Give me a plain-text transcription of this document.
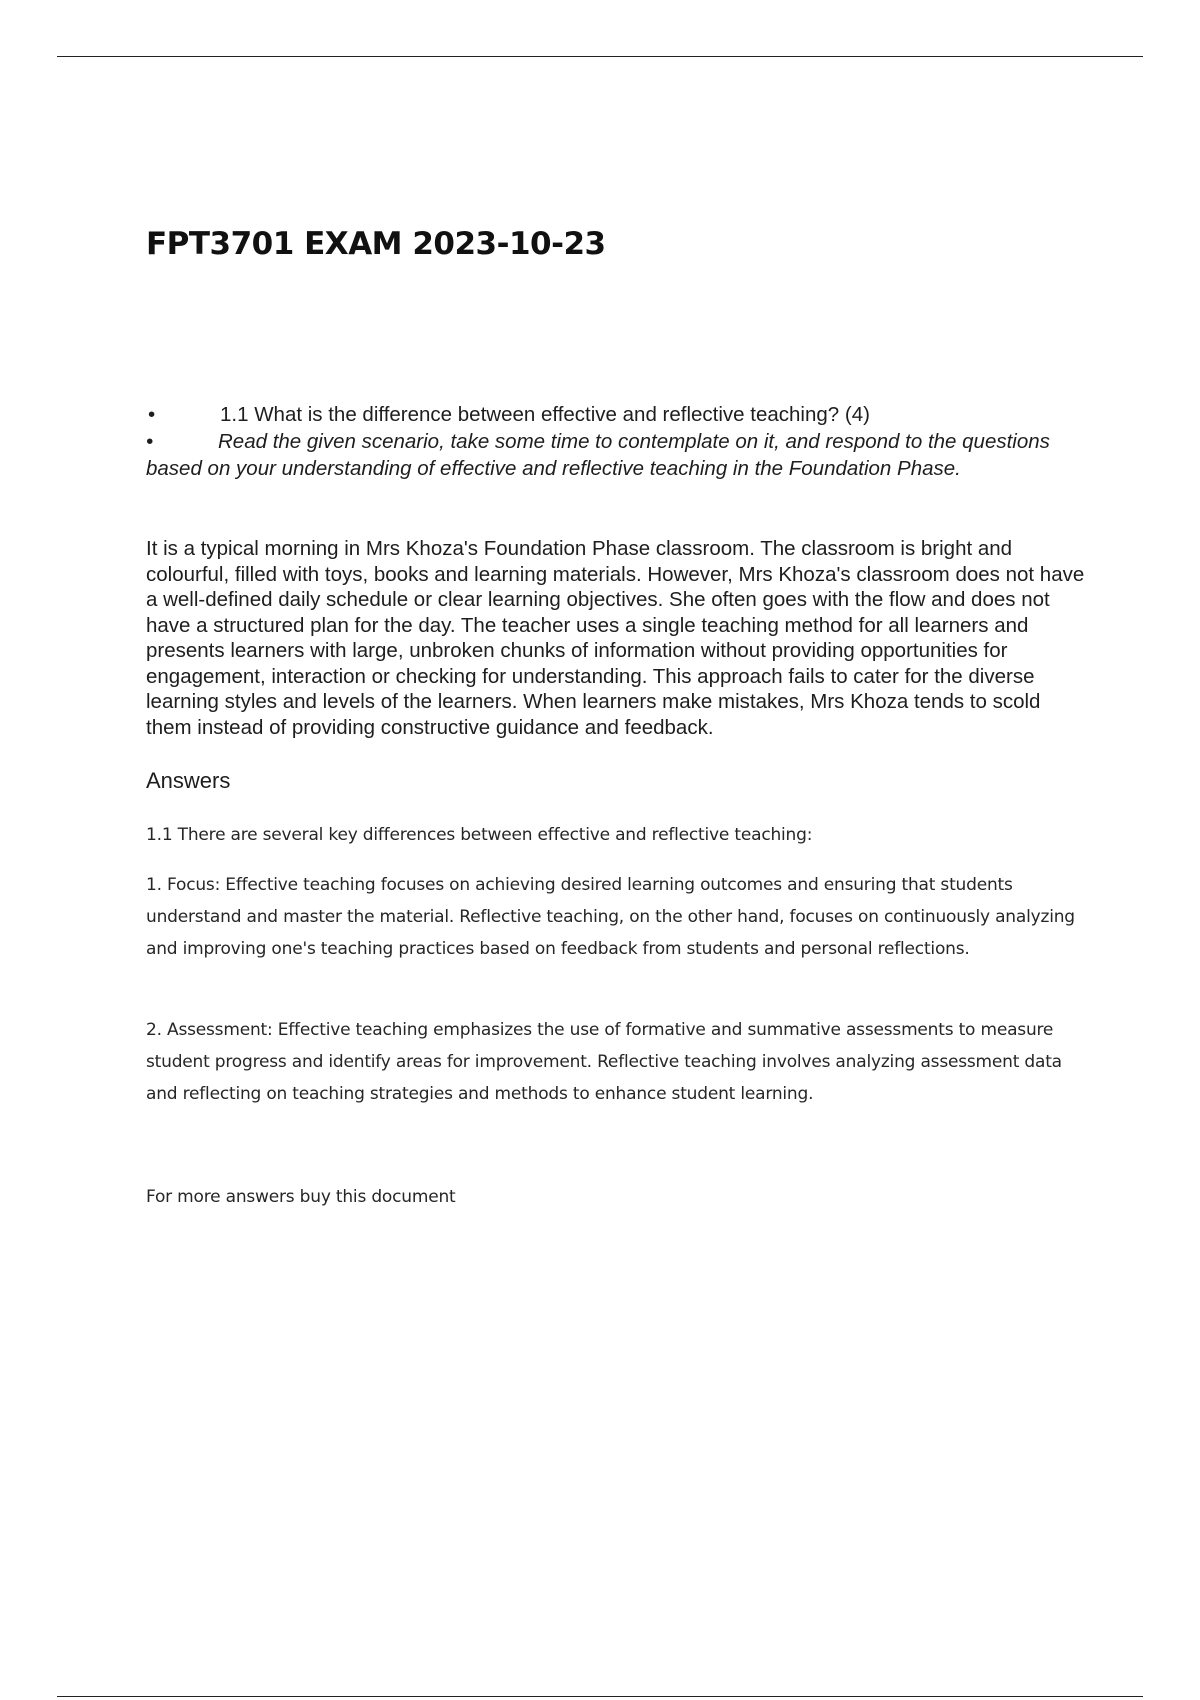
FPT3701 EXAM 2023-10-23
•	1.1 What is the difference between effective and reflective teaching? (4)

•	Read the given scenario, take some time to contemplate on it, and respond to the questions based on your understanding of effective and reflective teaching in the Foundation Phase.

It is a typical morning in Mrs Khoza's Foundation Phase classroom. The classroom is bright and colourful, filled with toys, books and learning materials. However, Mrs Khoza's classroom does not have a well-defined daily schedule or clear learning objectives. She often goes with the flow and does not have a structured plan for the day. The teacher uses a single teaching method for all learners and presents learners with large, unbroken chunks of information without providing opportunities for engagement, interaction or checking for understanding. This approach fails to cater for the diverse learning styles and levels of the learners. When learners make mistakes, Mrs Khoza tends to scold them instead of providing constructive guidance and feedback.

Answers

1.1 There are several key differences between effective and reflective teaching:

1. Focus: Effective teaching focuses on achieving desired learning outcomes and ensuring that students understand and master the material. Reflective teaching, on the other hand, focuses on continuously analyzing and improving one's teaching practices based on feedback from students and personal reflections.

2. Assessment: Effective teaching emphasizes the use of formative and summative assessments to measure student progress and identify areas for improvement. Reflective teaching involves analyzing assessment data and reflecting on teaching strategies and methods to enhance student learning.

For more answers buy this document
